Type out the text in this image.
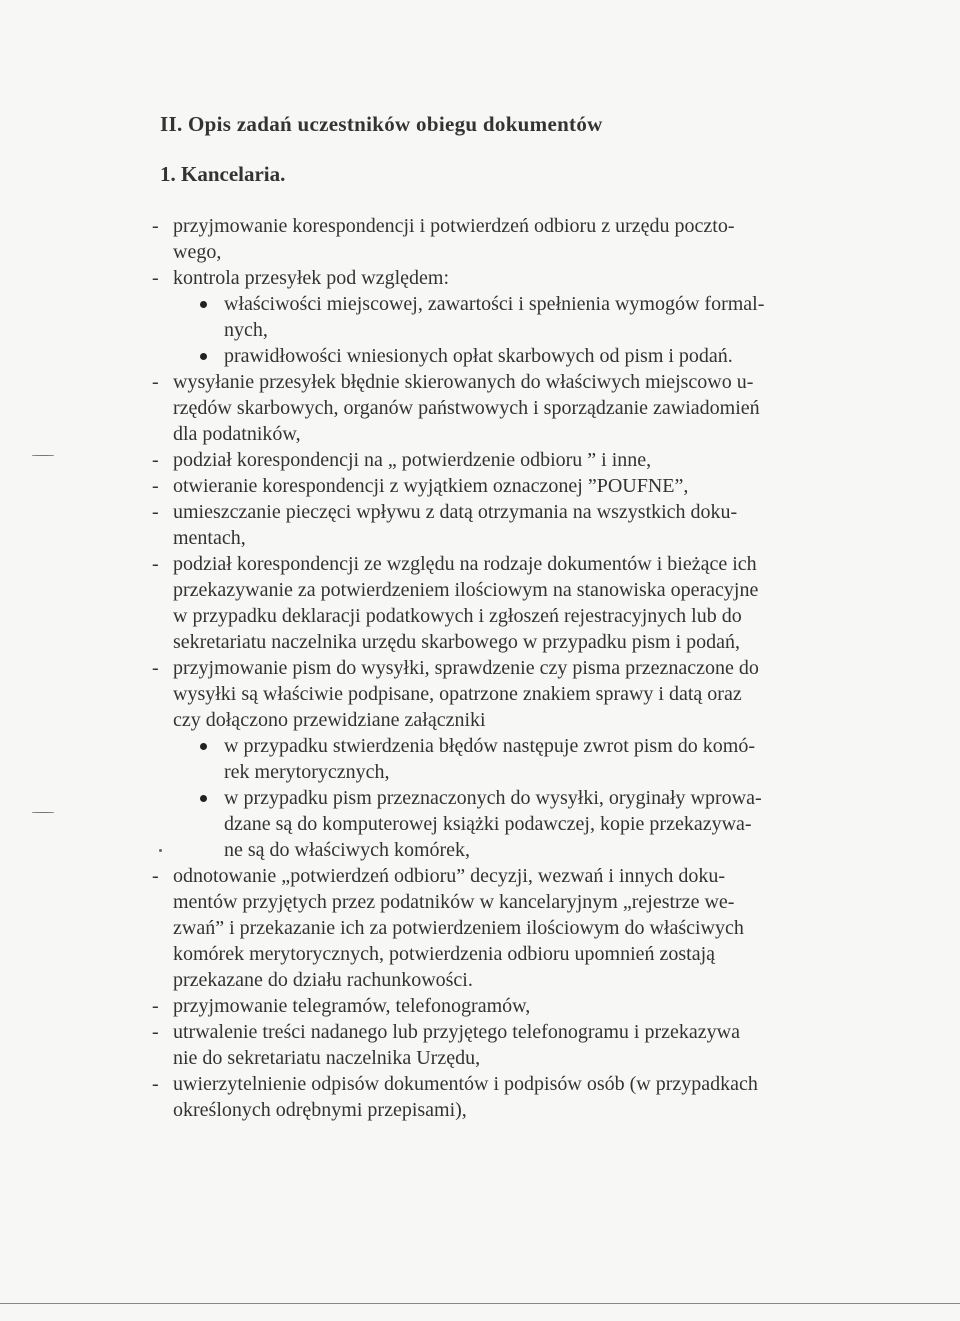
II. Opis zadań uczestników obiegu dokumentów
1. Kancelaria.
- przyjmowanie korespondencji i potwierdzeń odbioru z urzędu poczto-
wego,
- kontrola przesyłek pod względem:
właściwości miejscowej, zawartości i spełnienia wymogów formal-
nych,
prawidłowości wniesionych opłat skarbowych od pism i podań.
- wysyłanie przesyłek błędnie skierowanych do właściwych miejscowo u-
rzędów skarbowych, organów państwowych i sporządzanie zawiadomień
dla podatników,
- podział korespondencji na „ potwierdzenie odbioru ” i inne,
- otwieranie korespondencji z wyjątkiem oznaczonej ”POUFNE”,
- umieszczanie pieczęci wpływu z datą otrzymania na wszystkich doku-
mentach,
- podział korespondencji ze względu na rodzaje dokumentów i bieżące ich
przekazywanie za potwierdzeniem ilościowym na stanowiska operacyjne
w przypadku deklaracji podatkowych i zgłoszeń rejestracyjnych lub do
sekretariatu naczelnika urzędu skarbowego w przypadku pism i podań,
- przyjmowanie pism do wysyłki, sprawdzenie czy pisma przeznaczone do
wysyłki są właściwie podpisane, opatrzone znakiem sprawy i datą oraz
czy dołączono przewidziane załączniki
w przypadku stwierdzenia błędów następuje zwrot pism do komó-
rek merytorycznych,
w przypadku pism przeznaczonych do wysyłki, oryginały wprowa-
dzane są do komputerowej książki podawczej, kopie przekazywa-
ne są do właściwych komórek,
- odnotowanie „potwierdzeń odbioru” decyzji, wezwań i innych doku-
mentów przyjętych przez podatników w kancelaryjnym „rejestrze we-
zwań” i przekazanie ich za potwierdzeniem ilościowym do właściwych
komórek merytorycznych, potwierdzenia odbioru upomnień zostają
przekazane do działu rachunkowości.
- przyjmowanie telegramów, telefonogramów,
- utrwalenie treści nadanego lub przyjętego telefonogramu i przekazywa
nie do sekretariatu naczelnika Urzędu,
- uwierzytelnienie odpisów dokumentów i podpisów osób (w przypadkach
określonych odrębnymi przepisami),
